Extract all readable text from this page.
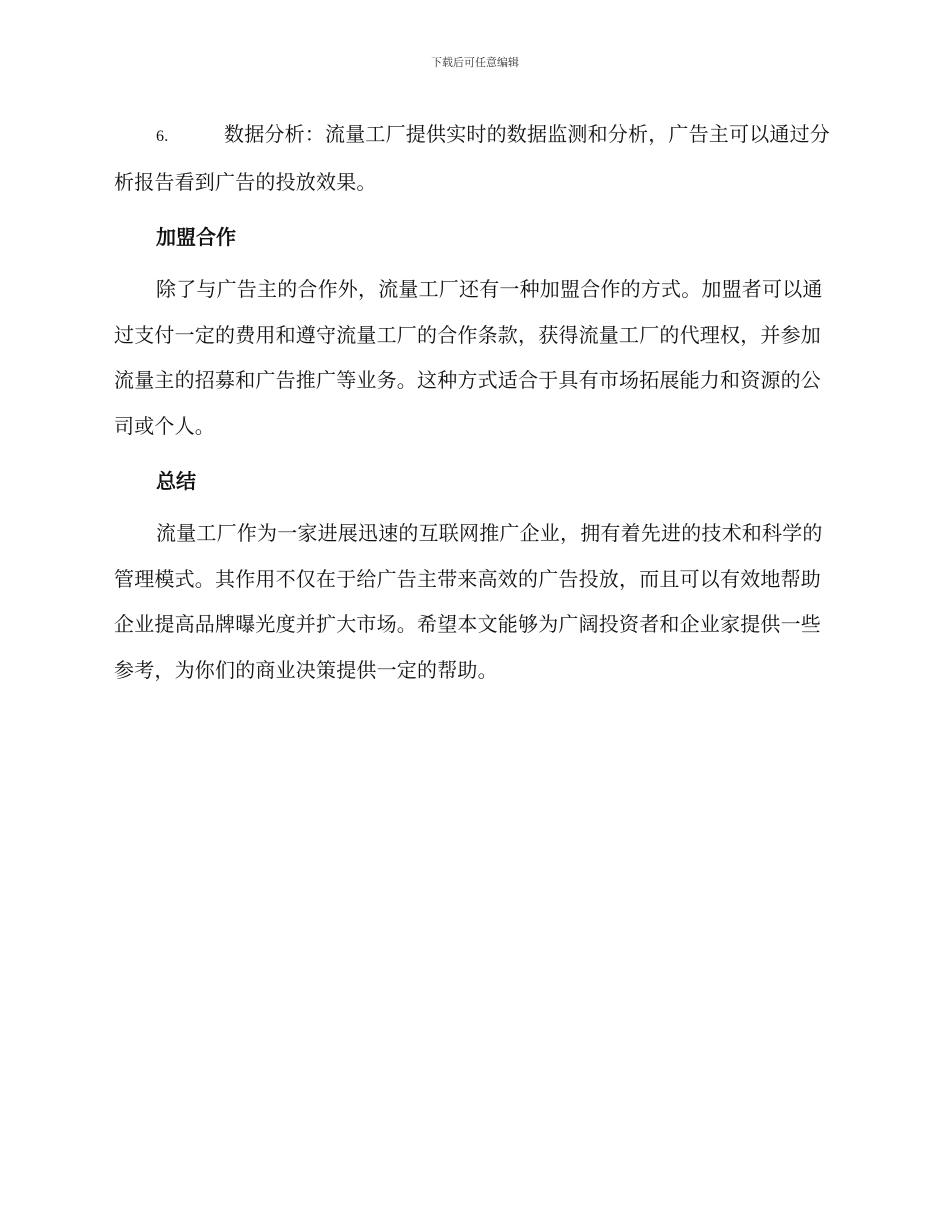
下载后可任意编辑

6.	数据分析：流量工厂提供实时的数据监测和分析，广告主可以通过分析报告看到广告的投放效果。

加盟合作

除了与广告主的合作外，流量工厂还有一种加盟合作的方式。加盟者可以通过支付一定的费用和遵守流量工厂的合作条款，获得流量工厂的代理权，并参加流量主的招募和广告推广等业务。这种方式适合于具有市场拓展能力和资源的公司或个人。

总结

流量工厂作为一家进展迅速的互联网推广企业，拥有着先进的技术和科学的管理模式。其作用不仅在于给广告主带来高效的广告投放，而且可以有效地帮助企业提高品牌曝光度并扩大市场。希望本文能够为广阔投资者和企业家提供一些参考，为你们的商业决策提供一定的帮助。
